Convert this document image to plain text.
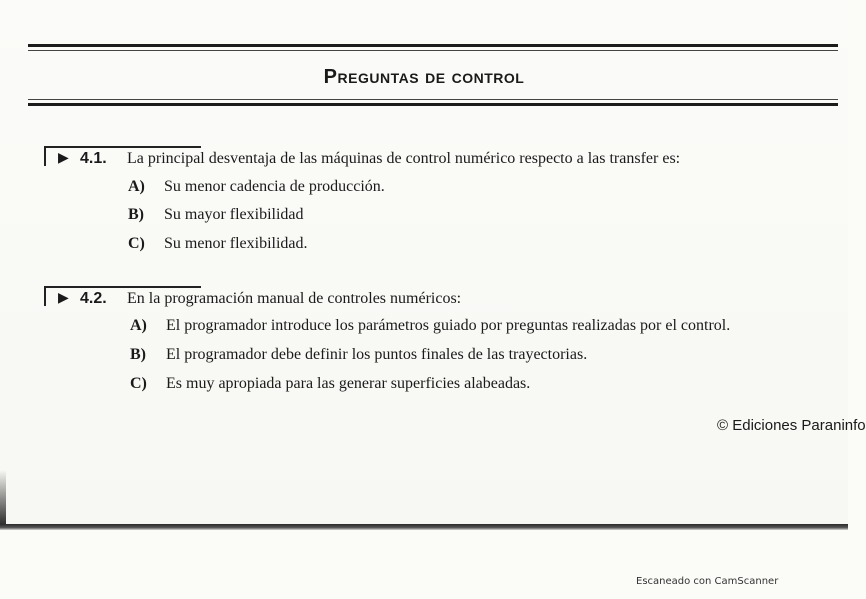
Preguntas de control
▶ 4.1. La principal desventaja de las máquinas de control numérico respecto a las transfer es:
A) Su menor cadencia de producción.
B) Su mayor flexibilidad
C) Su menor flexibilidad.
▶ 4.2. En la programación manual de controles numéricos:
A) El programador introduce los parámetros guiado por preguntas realizadas por el control.
B) El programador debe definir los puntos finales de las trayectorias.
C) Es muy apropiada para las generar superficies alabeadas.
© Ediciones Paraninfo
Escaneado con CamScanner
